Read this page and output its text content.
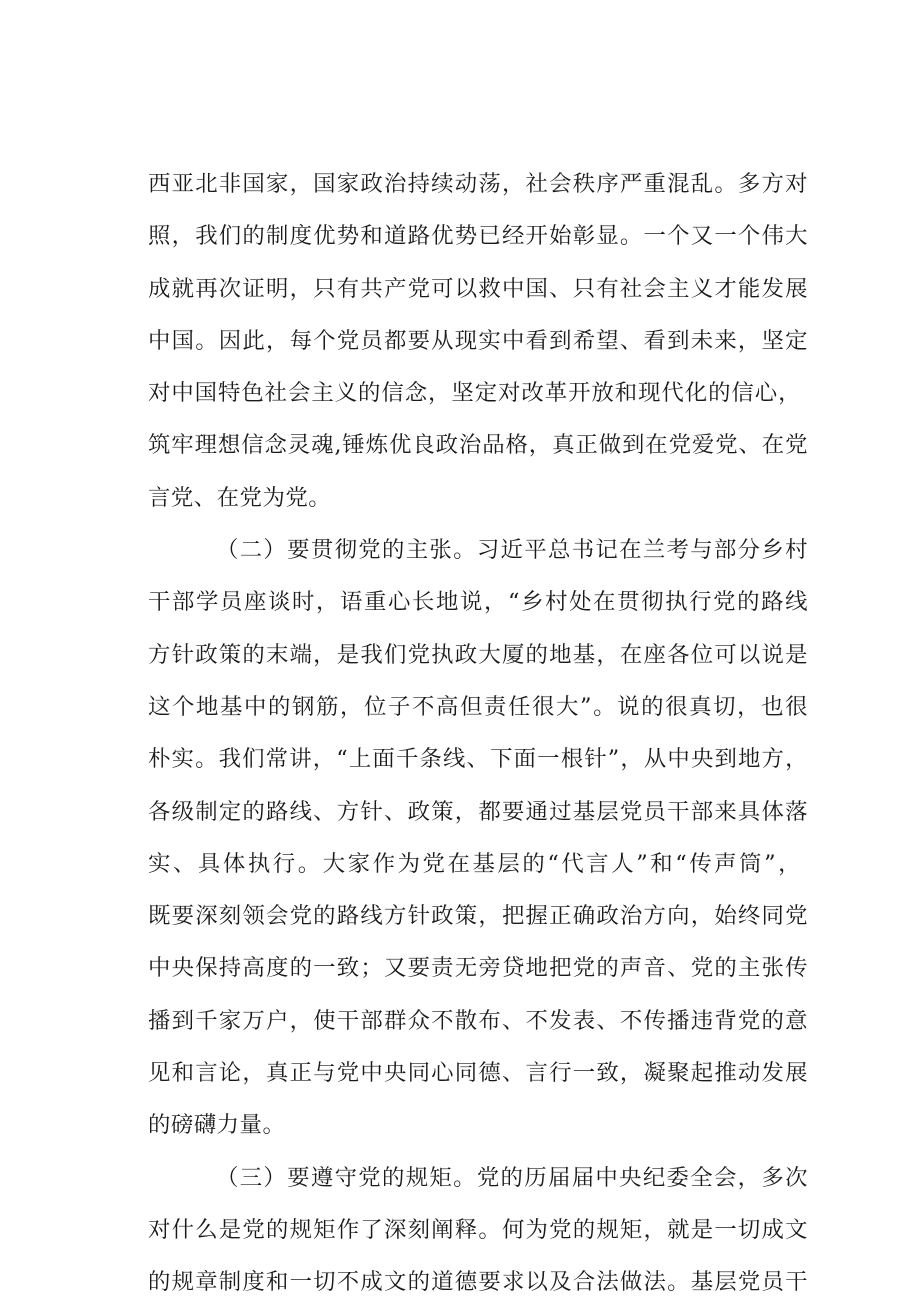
西亚北非国家，国家政治持续动荡，社会秩序严重混乱。多方对
照，我们的制度优势和道路优势已经开始彰显。一个又一个伟大
成就再次证明，只有共产党可以救中国、只有社会主义才能发展
中国。因此，每个党员都要从现实中看到希望、看到未来，坚定
对中国特色社会主义的信念，坚定对改革开放和现代化的信心，
筑牢理想信念灵魂,锤炼优良政治品格，真正做到在党爱党、在党
言党、在党为党。
（二）要贯彻党的主张。习近平总书记在兰考与部分乡村
干部学员座谈时，语重心长地说，“乡村处在贯彻执行党的路线
方针政策的末端，是我们党执政大厦的地基，在座各位可以说是
这个地基中的钢筋，位子不高但责任很大”。说的很真切，也很
朴实。我们常讲，“上面千条线、下面一根针”，从中央到地方，
各级制定的路线、方针、政策，都要通过基层党员干部来具体落
实、具体执行。大家作为党在基层的“代言人”和“传声筒”，
既要深刻领会党的路线方针政策，把握正确政治方向，始终同党
中央保持高度的一致；又要责无旁贷地把党的声音、党的主张传
播到千家万户，使干部群众不散布、不发表、不传播违背党的意
见和言论，真正与党中央同心同德、言行一致，凝聚起推动发展
的磅礴力量。
（三）要遵守党的规矩。党的历届届中央纪委全会，多次
对什么是党的规矩作了深刻阐释。何为党的规矩，就是一切成文
的规章制度和一切不成文的道德要求以及合法做法。基层党员干
